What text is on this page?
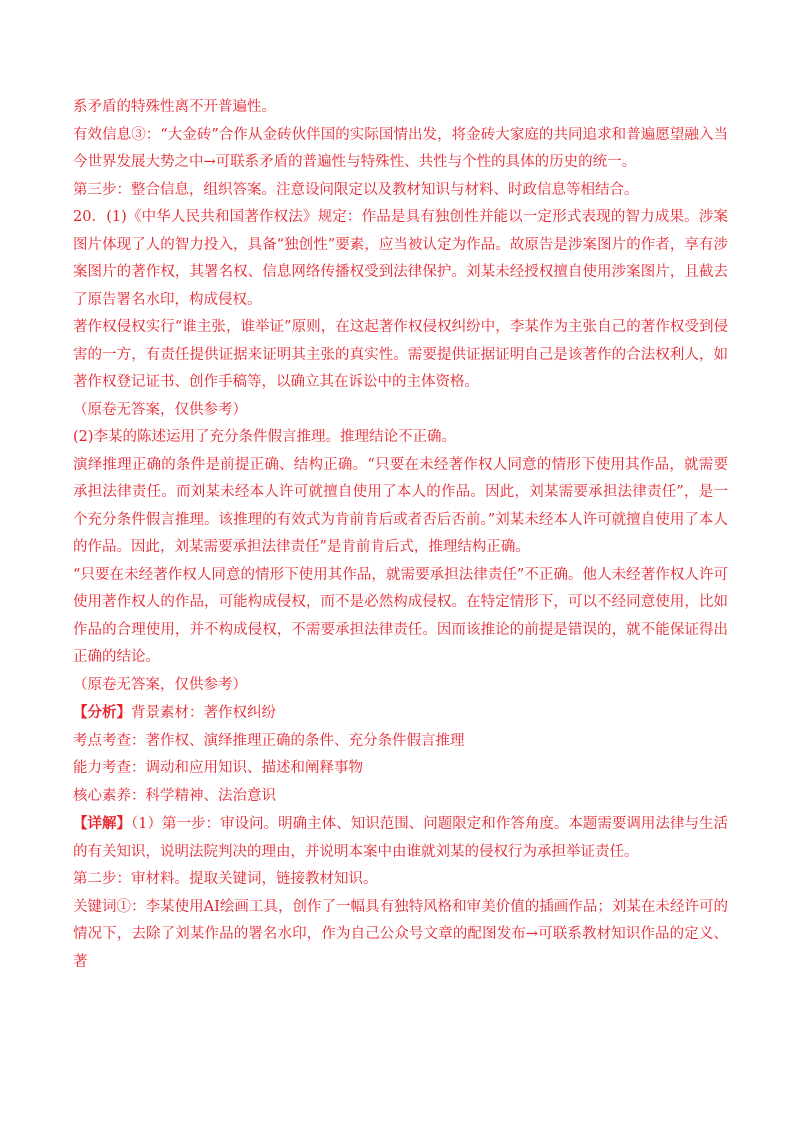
系矛盾的特殊性离不开普遍性。

有效信息③：“大金砖”合作从金砖伙伴国的实际国情出发，将金砖大家庭的共同追求和普遍愿望融入当今世界发展大势之中→可联系矛盾的普遍性与特殊性、共性与个性的具体的历史的统一。

第三步：整合信息，组织答案。注意设问限定以及教材知识与材料、时政信息等相结合。

20．(1)《中华人民共和国著作权法》规定：作品是具有独创性并能以一定形式表现的智力成果。涉案图片体现了人的智力投入，具备“独创性”要素，应当被认定为作品。故原告是涉案图片的作者，享有涉案图片的著作权，其署名权、信息网络传播权受到法律保护。刘某未经授权擅自使用涉案图片，且截去了原告署名水印，构成侵权。

著作权侵权实行“谁主张，谁举证”原则，在这起著作权侵权纠纷中，李某作为主张自己的著作权受到侵害的一方，有责任提供证据来证明其主张的真实性。需要提供证据证明自己是该著作的合法权利人，如著作权登记证书、创作手稿等，以确立其在诉讼中的主体资格。

（原卷无答案，仅供参考）

(2)李某的陈述运用了充分条件假言推理。推理结论不正确。

演绎推理正确的条件是前提正确、结构正确。“只要在未经著作权人同意的情形下使用其作品，就需要承担法律责任。而刘某未经本人许可就擅自使用了本人的作品。因此，刘某需要承担法律责任”，是一个充分条件假言推理。该推理的有效式为肯前肯后或者否后否前。”刘某未经本人许可就擅自使用了本人的作品。因此，刘某需要承担法律责任”是肯前肯后式，推理结构正确。

“只要在未经著作权人同意的情形下使用其作品，就需要承担法律责任”不正确。他人未经著作权人许可使用著作权人的作品，可能构成侵权，而不是必然构成侵权。在特定情形下，可以不经同意使用，比如作品的合理使用，并不构成侵权，不需要承担法律责任。因而该推论的前提是错误的，就不能保证得出正确的结论。

（原卷无答案，仅供参考）

【分析】背景素材：著作权纠纷

考点考查：著作权、演绎推理正确的条件、充分条件假言推理

能力考查：调动和应用知识、描述和阐释事物

核心素养：科学精神、法治意识

【详解】（1）第一步：审设问。明确主体、知识范围、问题限定和作答角度。本题需要调用法律与生活的有关知识，说明法院判决的理由，并说明本案中由谁就刘某的侵权行为承担举证责任。

第二步：审材料。提取关键词，链接教材知识。

关键词①：李某使用AI绘画工具，创作了一幅具有独特风格和审美价值的插画作品；刘某在未经许可的情况下，去除了刘某作品的署名水印，作为自己公众号文章的配图发布→可联系教材知识作品的定义、著
